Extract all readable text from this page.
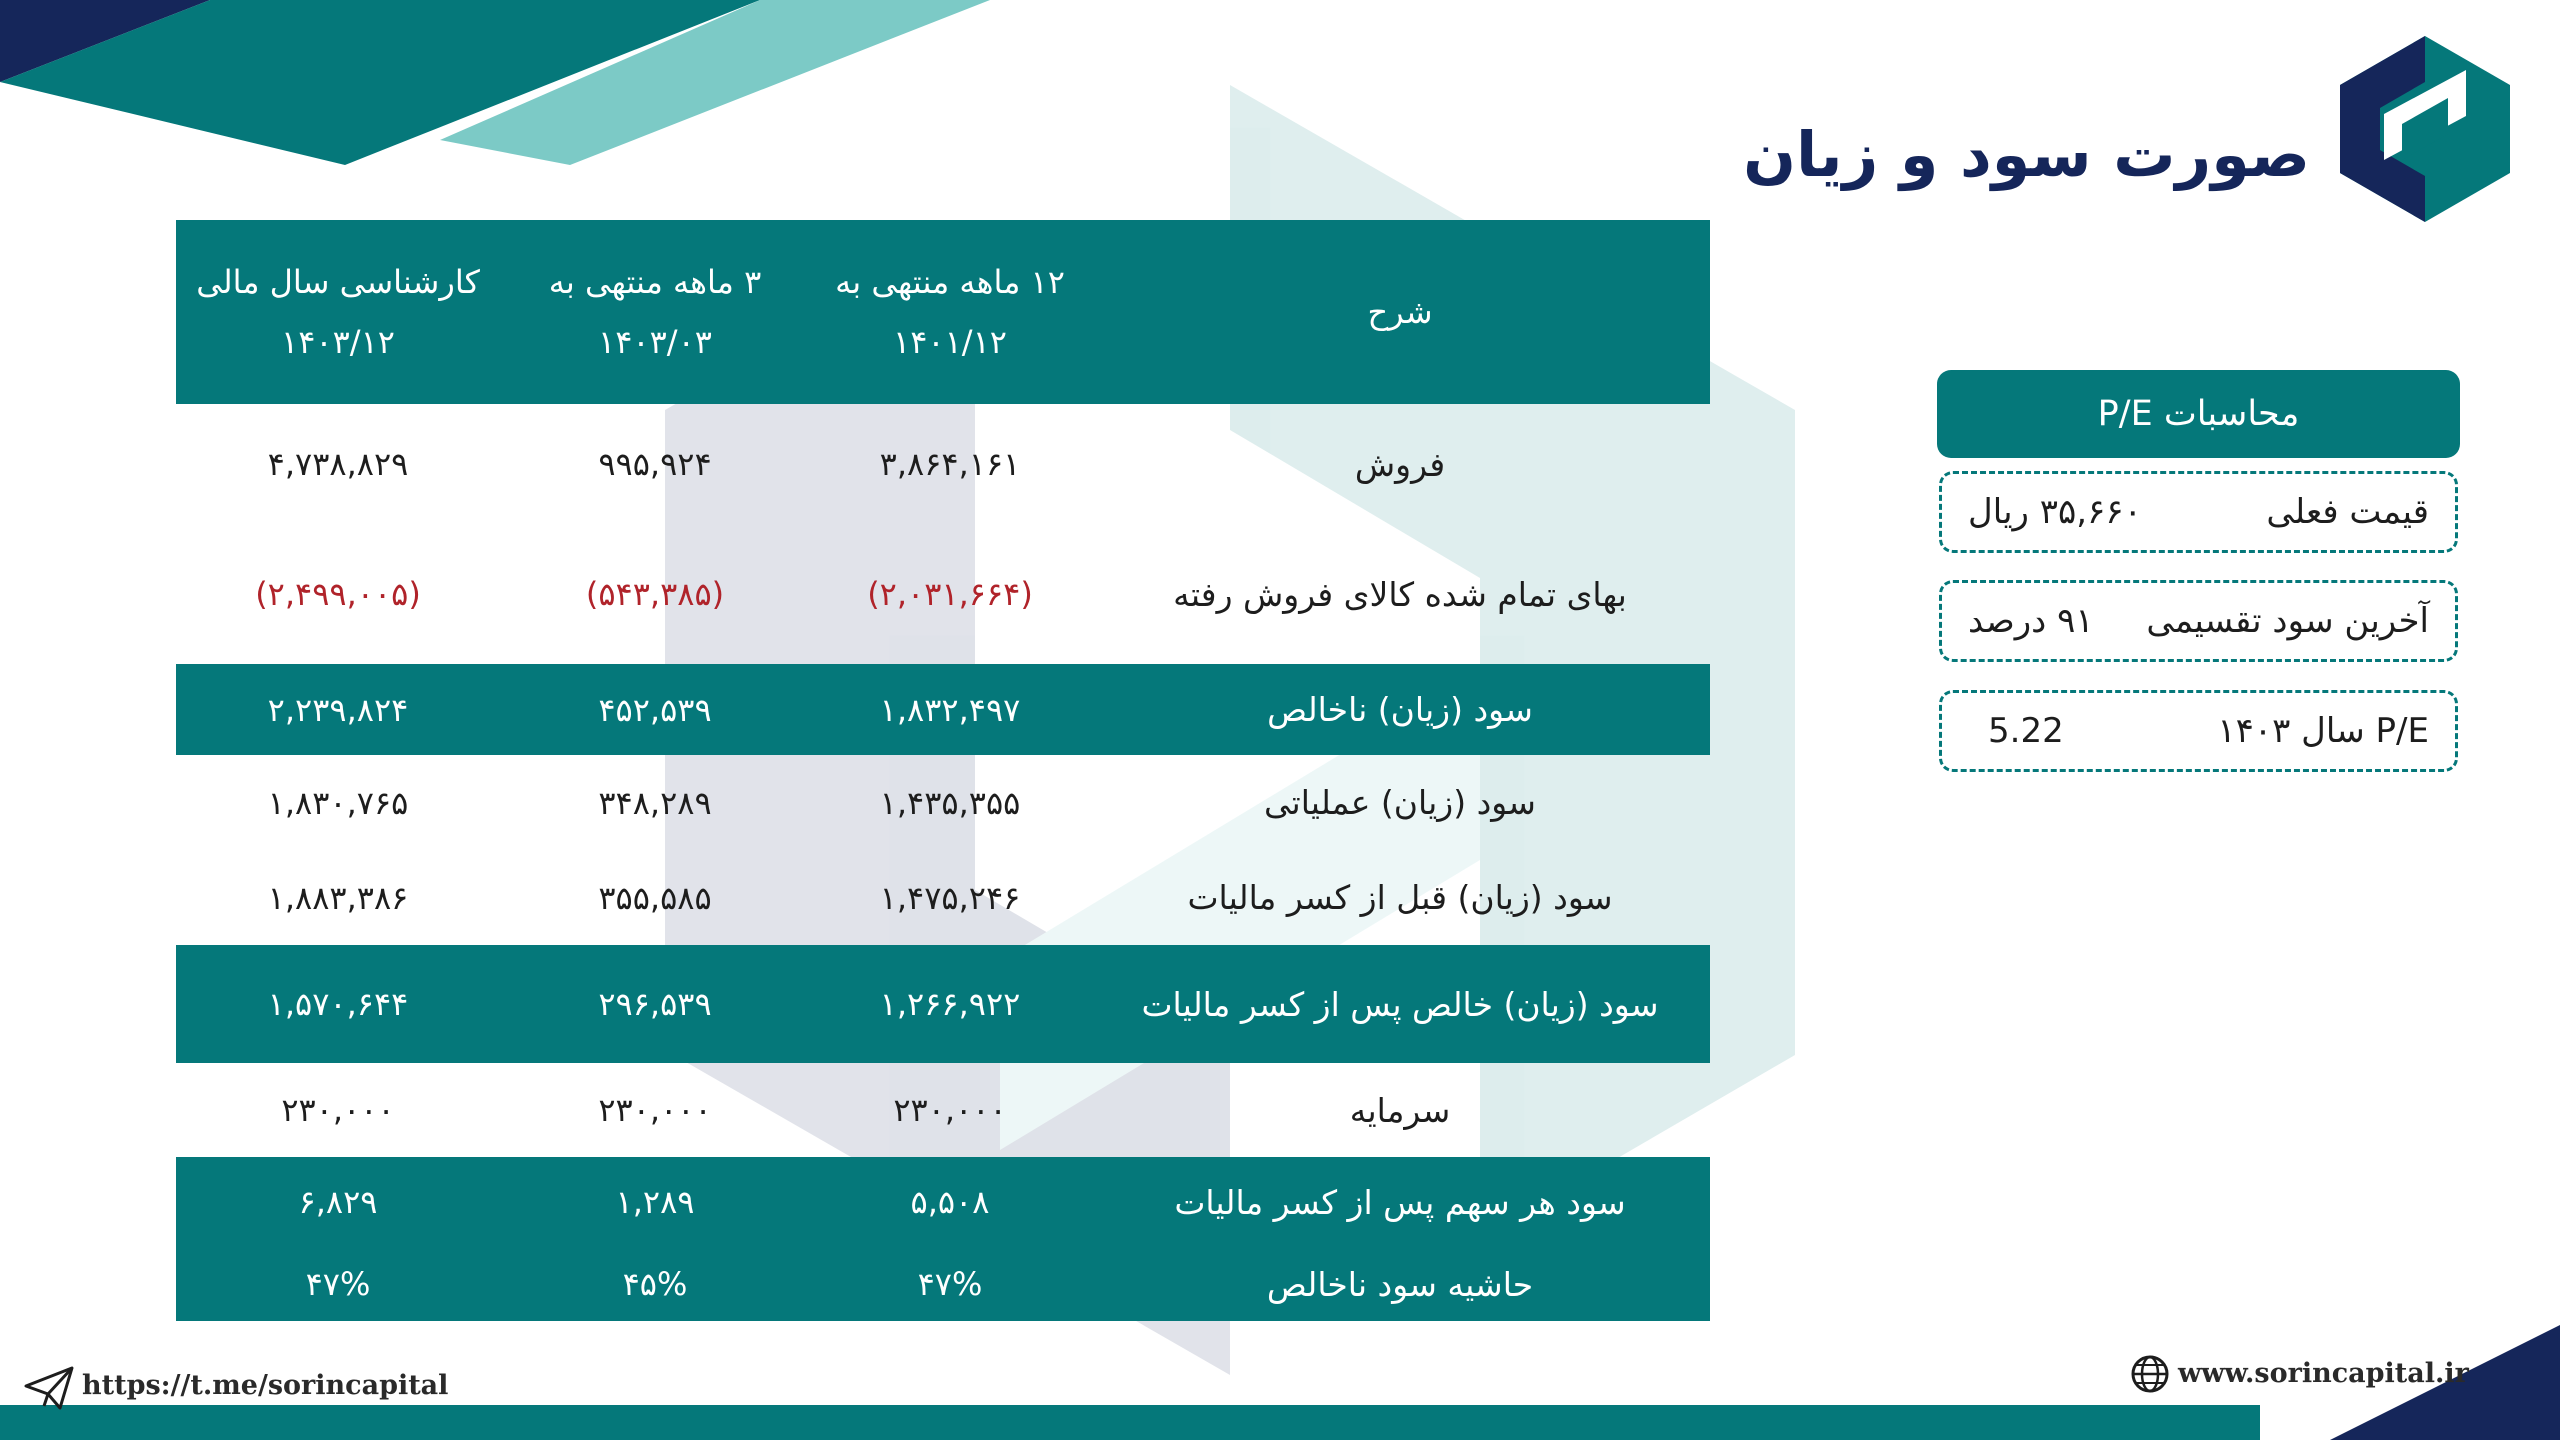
صورت سود و زیان
شرح
۱۲ ماهه منتهی به
۱۴۰۱/۱۲
۳ ماهه منتهی به
۱۴۰۳/۰۳
کارشناسی سال مالی
۱۴۰۳/۱۲
فروش
۳,۸۶۴,۱۶۱
۹۹۵,۹۲۴
۴,۷۳۸,۸۲۹
بهای تمام شده کالای فروش رفته
(۲,۰۳۱,۶۶۴)
(۵۴۳,۳۸۵)
(۲,۴۹۹,۰۰۵)
سود (زیان) ناخالص
۱,۸۳۲,۴۹۷
۴۵۲,۵۳۹
۲,۲۳۹,۸۲۴
سود (زیان) عملیاتی
۱,۴۳۵,۳۵۵
۳۴۸,۲۸۹
۱,۸۳۰,۷۶۵
سود (زیان) قبل از کسر مالیات
۱,۴۷۵,۲۴۶
۳۵۵,۵۸۵
۱,۸۸۳,۳۸۶
سود (زیان) خالص پس از کسر مالیات
۱,۲۶۶,۹۲۲
۲۹۶,۵۳۹
۱,۵۷۰,۶۴۴
سرمایه
۲۳۰,۰۰۰
۲۳۰,۰۰۰
۲۳۰,۰۰۰
سود هر سهم پس از کسر مالیات
۵,۵۰۸
۱,۲۸۹
۶,۸۲۹
حاشیه سود ناخالص
۴۷%
۴۵%
۴۷%
محاسبات P/E
قیمت فعلی
۳۵,۶۶۰ ریال
آخرین سود تقسیمی
۹۱ درصد
P/E سال ۱۴۰۳
5.22
www.sorincapital.ir
https://t.me/sorincapital
